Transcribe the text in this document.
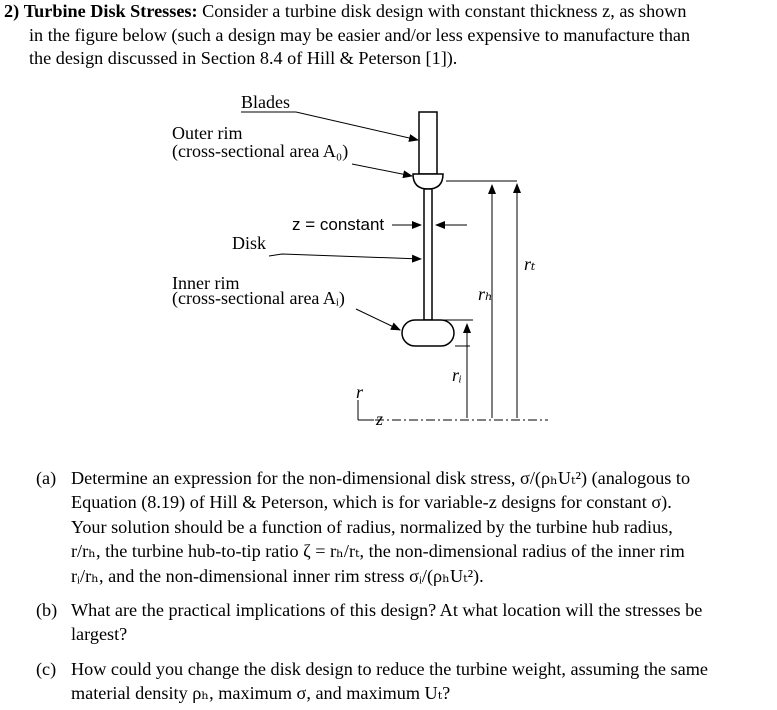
2) Turbine Disk Stresses: Consider a turbine disk design with constant thickness z, as shown
in the figure below (such a design may be easier and/or less expensive to manufacture than
the design discussed in Section 8.4 of Hill & Peterson [1]).
Blades
Outer rim
(cross-sectional area A₀)
z = constant
Disk
Inner rim
(cross-sectional area Aᵢ)
rₜ
rₕ
rᵢ
r
z
(a) Determine an expression for the non-dimensional disk stress, σ/(ρₕUₜ²) (analogous to
Equation (8.19) of Hill & Peterson, which is for variable-z designs for constant σ).
Your solution should be a function of radius, normalized by the turbine hub radius,
r/rₕ, the turbine hub-to-tip ratio ζ = rₕ/rₜ, the non-dimensional radius of the inner rim
rᵢ/rₕ, and the non-dimensional inner rim stress σᵢ/(ρₕUₜ²).
(b) What are the practical implications of this design? At what location will the stresses be
largest?
(c) How could you change the disk design to reduce the turbine weight, assuming the same
material density ρₕ, maximum σ, and maximum Uₜ?
